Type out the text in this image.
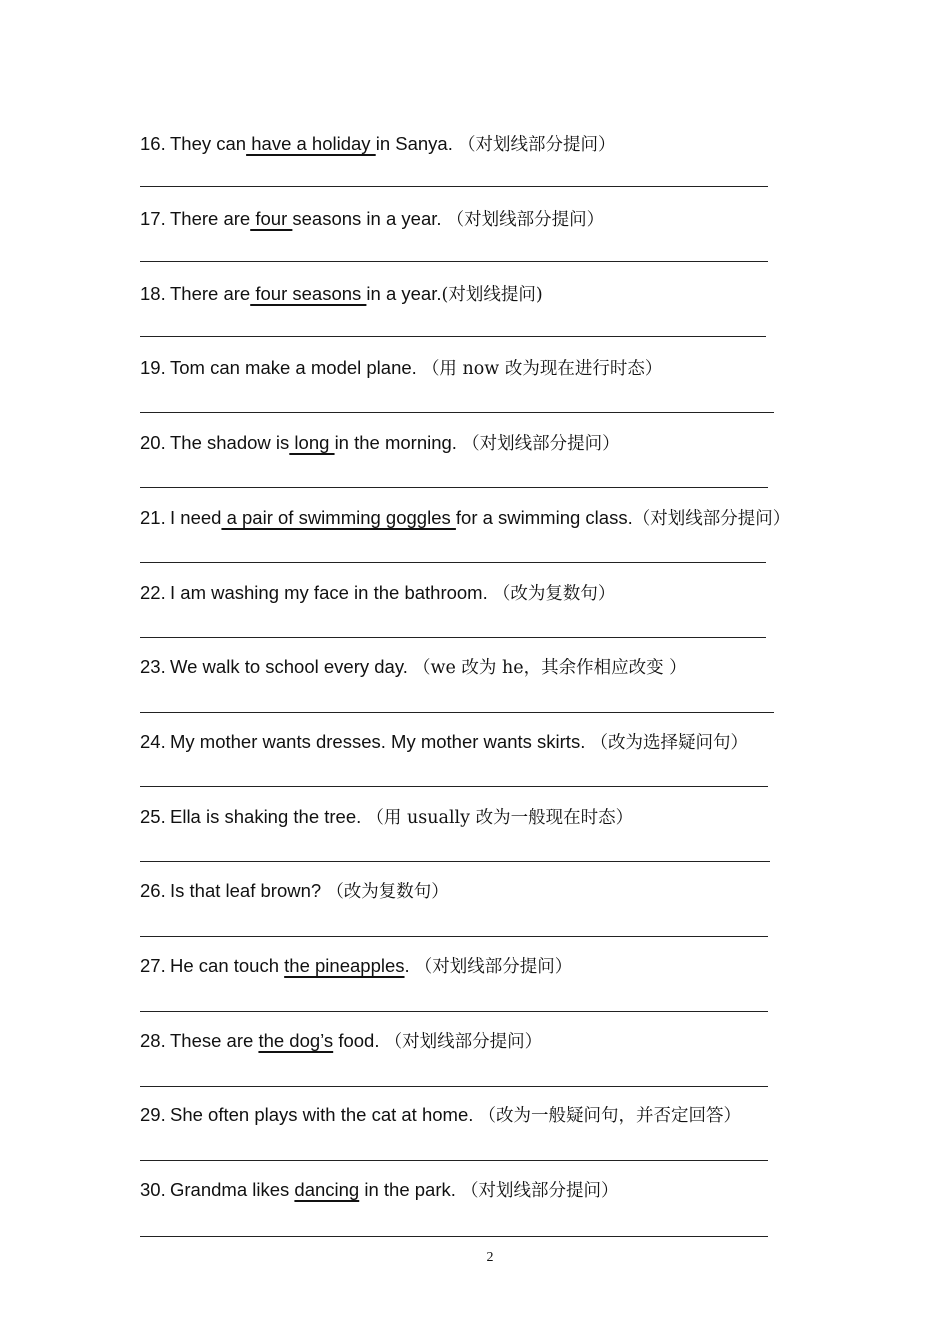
16. They can have a holiday in Sanya. （对划线部分提问）
17. There are four seasons in a year. （对划线部分提问）
18. There are four seasons in a year.(对划线提问)
19. Tom can make a model plane. （用 now 改为现在进行时态）
20. The shadow is long in the morning. （对划线部分提问）
21. I need a pair of swimming goggles for a swimming class.（对划线部分提问）
22. I am washing my face in the bathroom. （改为复数句）
23. We walk to school every day. （we 改为 he，其余作相应改变 ）
24. My mother wants dresses. My mother wants skirts. （改为选择疑问句）
25. Ella is shaking the tree. （用 usually 改为一般现在时态）
26. Is that leaf brown? （改为复数句）
27. He can touch the pineapples. （对划线部分提问）
28. These are the dog’s food. （对划线部分提问）
29. She often plays with the cat at home. （改为一般疑问句，并否定回答）
30. Grandma likes dancing in the park. （对划线部分提问）
2
